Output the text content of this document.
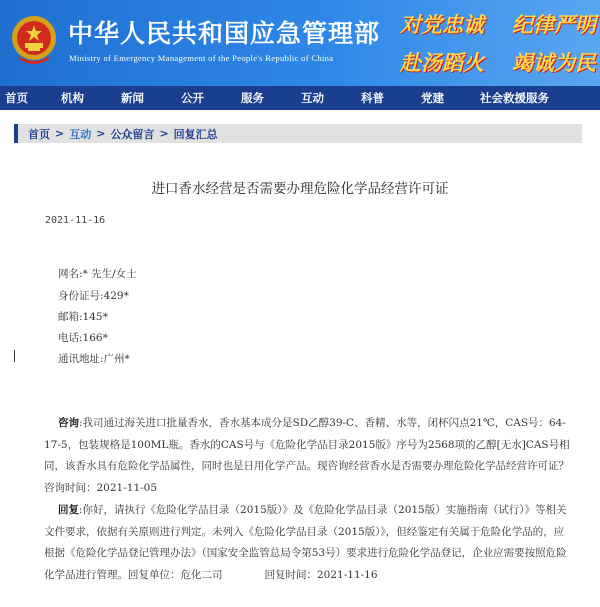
中华人民共和国应急管理部
Ministry of Emergency Management of the People's Republic of China
对党忠诚 纪律严明
赴汤蹈火 竭诚为民
首页	机构	新闻	公开	服务	互动	科普	党建	社会救援服务
首页 > 互动 > 公众留言 > 回复汇总
进口香水经营是否需要办理危险化学品经营许可证
2021-11-16
网名:* 先生/女士
身份证号:429*
邮箱:145*
电话:166*
通讯地址:广州*
咨询:我司通过海关进口批量香水，香水基本成分是SD乙醇39-C、香精、水等，闭杯闪点21℃，CAS号：64-17-5，包装规格是100ML瓶。香水的CAS号与《危险化学品目录2015版》序号为2568项的乙醇[无水]CAS号相同，该香水具有危险化学品属性，同时也是日用化学产品。现咨询经营香水是否需要办理危险化学品经营许可证？咨询时间：2021-11-05
回复:你好，请执行《危险化学品目录（2015版）》及《危险化学品目录（2015版）实施指南（试行）》等相关文件要求，依据有关原则进行判定。未列入《危险化学品目录（2015版）》，但经鉴定有关属于危险化学品的，应根据《危险化学品登记管理办法》（国家安全监管总局令第53号）要求进行危险化学品登记，企业应需要按照危险化学品进行管理。回复单位：危化二司　　　　回复时间：2021-11-16
